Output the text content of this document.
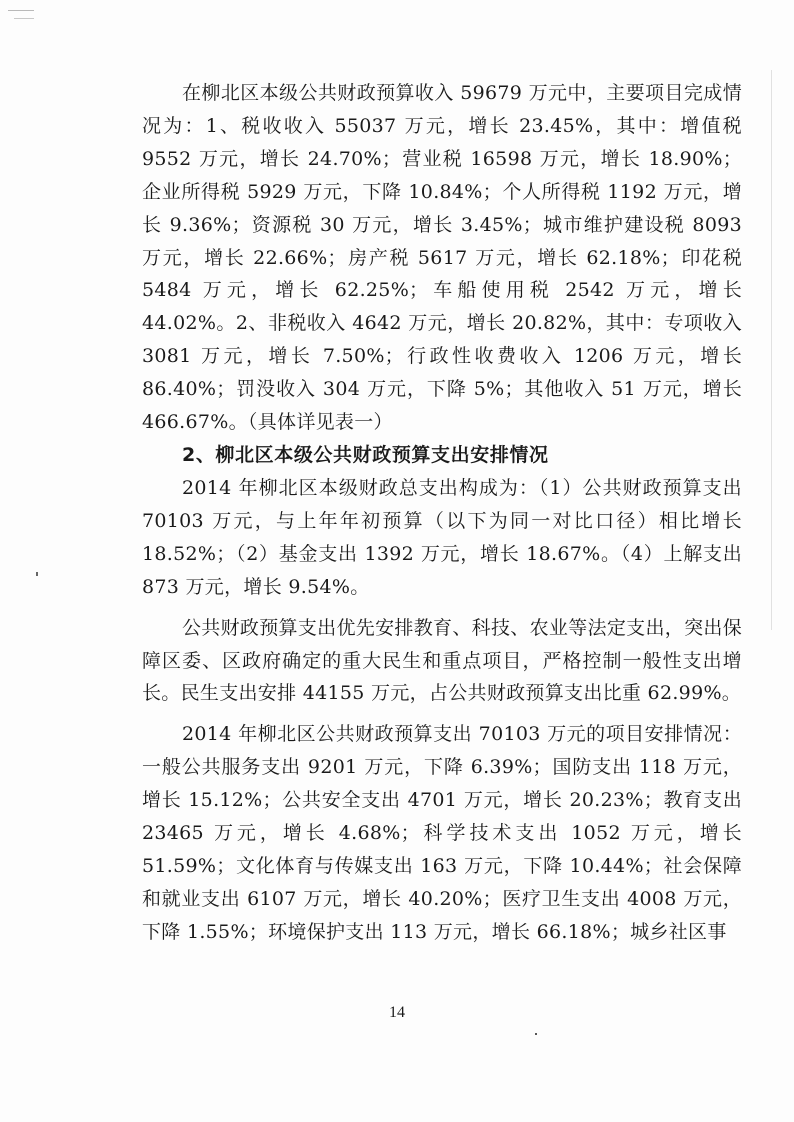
在柳北区本级公共财政预算收入 59679 万元中，主要项目完成情况为：1、税收收入 55037 万元，增长 23.45%，其中：增值税 9552 万元，增长 24.70%；营业税 16598 万元，增长 18.90%；企业所得税 5929 万元，下降 10.84%；个人所得税 1192 万元，增长 9.36%；资源税 30 万元，增长 3.45%；城市维护建设税 8093 万元，增长 22.66%；房产税 5617 万元，增长 62.18%；印花税 5484 万元，增长 62.25%；车船使用税 2542 万元，增长 44.02%。2、非税收入 4642 万元，增长 20.82%，其中：专项收入 3081 万元，增长 7.50%；行政性收费收入 1206 万元，增长 86.40%；罚没收入 304 万元，下降 5%；其他收入 51 万元，增长 466.67%。（具体详见表一）

2、柳北区本级公共财政预算支出安排情况

2014 年柳北区本级财政总支出构成为：（1）公共财政预算支出 70103 万元，与上年年初预算（以下为同一对比口径）相比增长 18.52%；（2）基金支出 1392 万元，增长 18.67%。（4）上解支出 873 万元，增长 9.54%。

公共财政预算支出优先安排教育、科技、农业等法定支出，突出保障区委、区政府确定的重大民生和重点项目，严格控制一般性支出增长。民生支出安排 44155 万元，占公共财政预算支出比重 62.99%。

2014 年柳北区公共财政预算支出 70103 万元的项目安排情况：一般公共服务支出 9201 万元，下降 6.39%；国防支出 118 万元，增长 15.12%；公共安全支出 4701 万元，增长 20.23%；教育支出 23465 万元，增长 4.68%；科学技术支出 1052 万元，增长 51.59%；文化体育与传媒支出 163 万元，下降 10.44%；社会保障和就业支出 6107 万元，增长 40.20%；医疗卫生支出 4008 万元，下降 1.55%；环境保护支出 113 万元，增长 66.18%；城乡社区事

14
